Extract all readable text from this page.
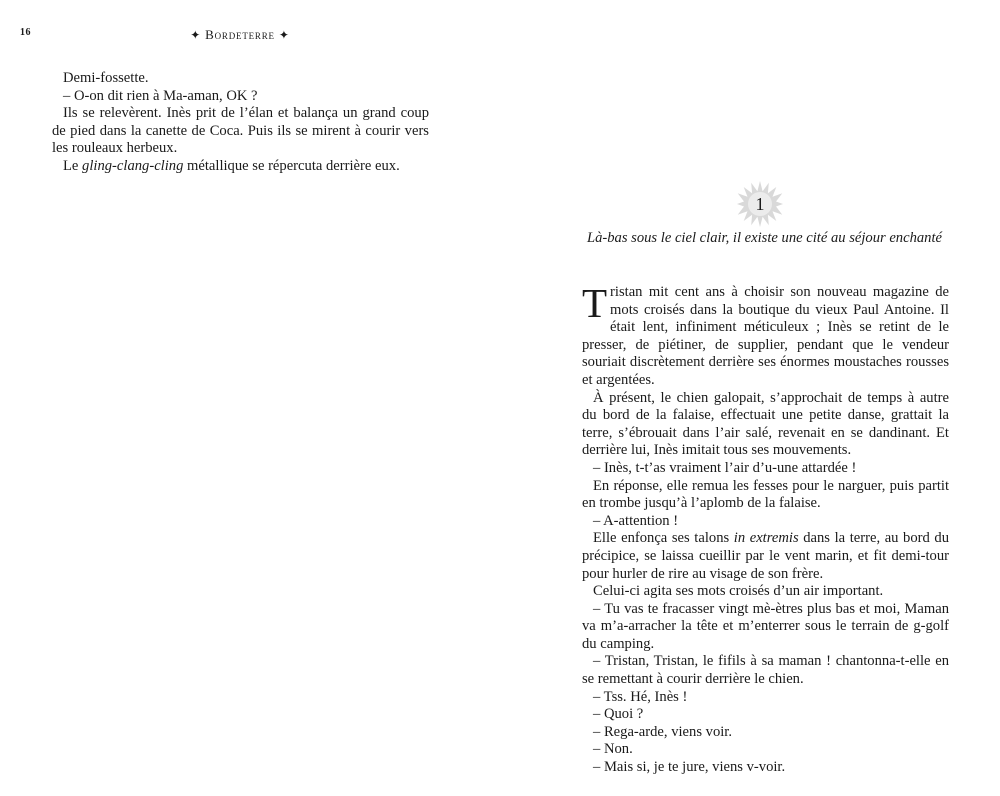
16	✦ Bordeterre ✦

Demi-fossette.

– O-on dit rien à Ma-aman, OK ?

Ils se relevèrent. Inès prit de l’élan et balança un grand coup de pied dans la canette de Coca. Puis ils se mirent à courir vers les rouleaux herbeux.

Le gling-clang-cling métallique se répercuta derrière eux.

1
Là-bas sous le ciel clair, il existe une cité au séjour enchanté

Tristan mit cent ans à choisir son nouveau magazine de mots croisés dans la boutique du vieux Paul Antoine. Il était lent, infiniment méticuleux ; Inès se retint de le presser, de piétiner, de supplier, pendant que le vendeur souriait discrètement derrière ses énormes moustaches rousses et argentées.

À présent, le chien galopait, s’approchait de temps à autre du bord de la falaise, effectuait une petite danse, grattait la terre, s’ébrouait dans l’air salé, revenait en se dandinant. Et derrière lui, Inès imitait tous ses mouvements.

– Inès, t-t’as vraiment l’air d’u-une attardée !

En réponse, elle remua les fesses pour le narguer, puis partit en trombe jusqu’à l’aplomb de la falaise.

– A-attention !

Elle enfonça ses talons in extremis dans la terre, au bord du précipice, se laissa cueillir par le vent marin, et fit demi-tour pour hurler de rire au visage de son frère.

Celui-ci agita ses mots croisés d’un air important.

– Tu vas te fracasser vingt mè-ètres plus bas et moi, Maman va m’a-arracher la tête et m’enterrer sous le terrain de g-golf du camping.

– Tristan, Tristan, le fifils à sa maman ! chantonna-t-elle en se remettant à courir derrière le chien.

– Tss. Hé, Inès !

– Quoi ?

– Rega-arde, viens voir.

– Non.

– Mais si, je te jure, viens v-voir.
